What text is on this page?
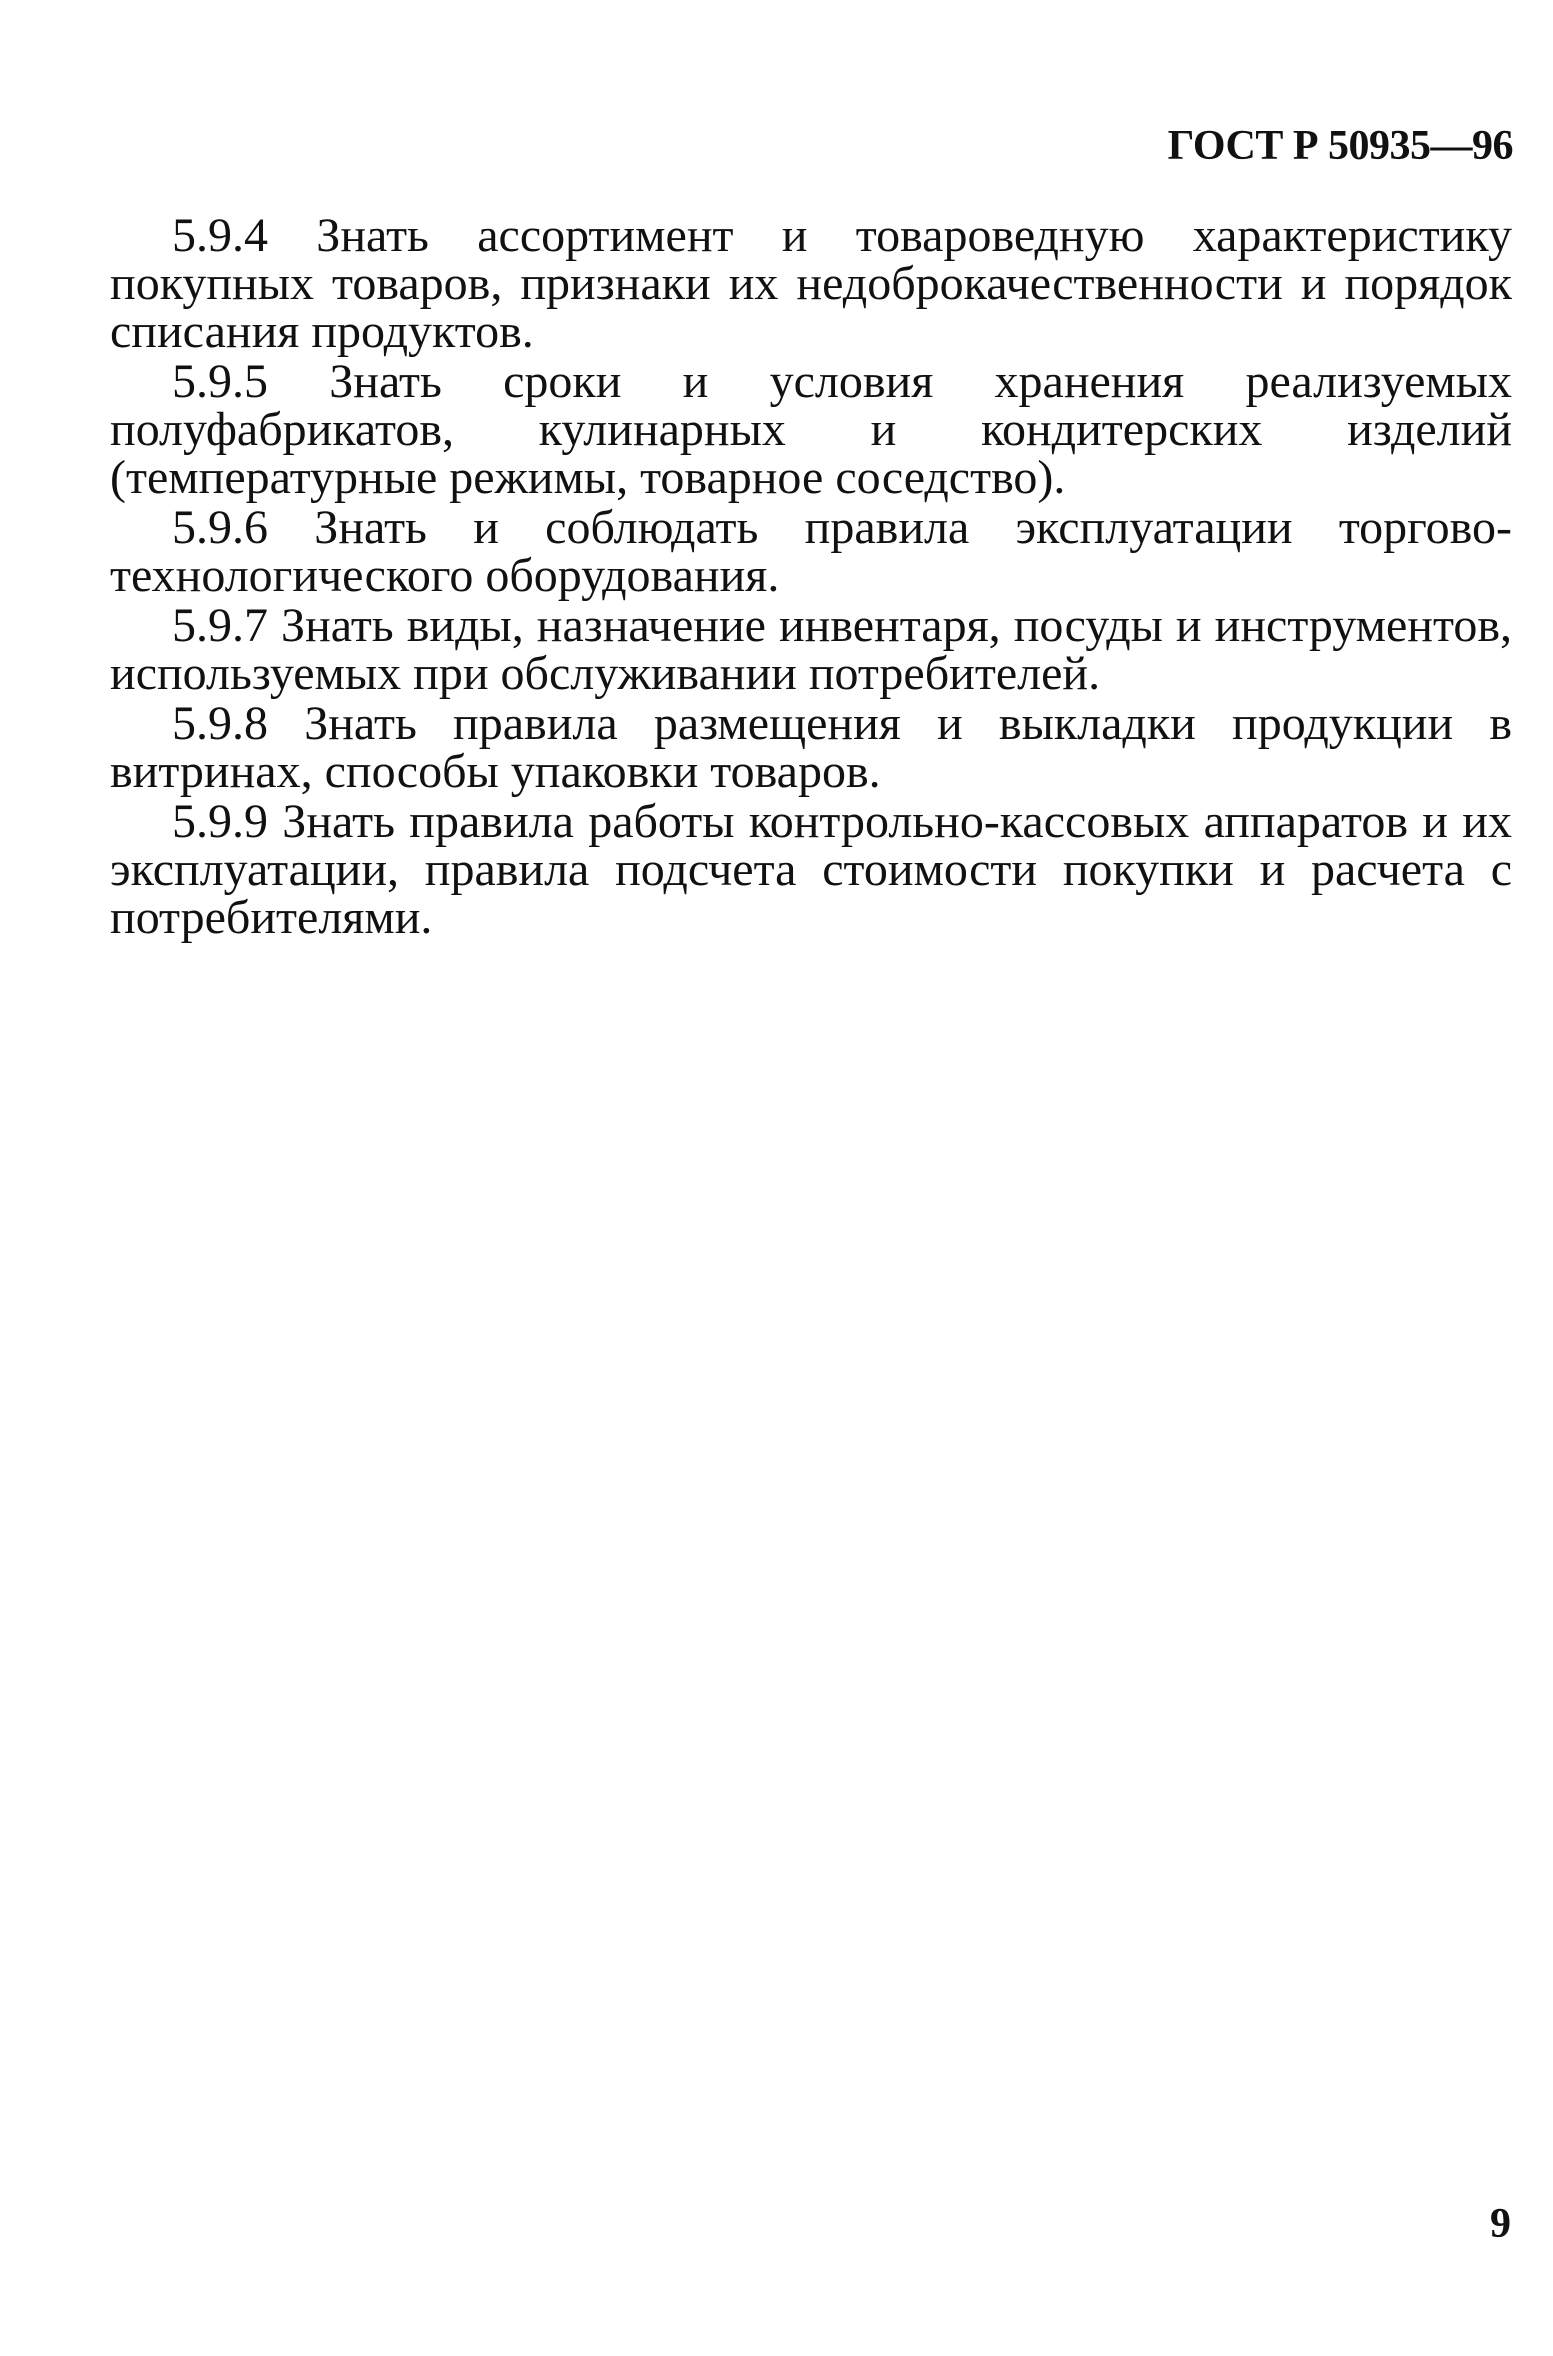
ГОСТ Р 50935—96

5.9.4 Знать ассортимент и товароведную характеристику покупных товаров, признаки их недоброкачественности и порядок списания продуктов.

5.9.5 Знать сроки и условия хранения реализуемых полуфабрикатов, кулинарных и кондитерских изделий (температурные режимы, товарное соседство).

5.9.6 Знать и соблюдать правила эксплуатации торгово-технологического оборудования.

5.9.7 Знать виды, назначение инвентаря, посуды и инструментов, используемых при обслуживании потребителей.

5.9.8 Знать правила размещения и выкладки продукции в витринах, способы упаковки товаров.

5.9.9 Знать правила работы контрольно-кассовых аппаратов и их эксплуатации, правила подсчета стоимости покупки и расчета с потребителями.

9
